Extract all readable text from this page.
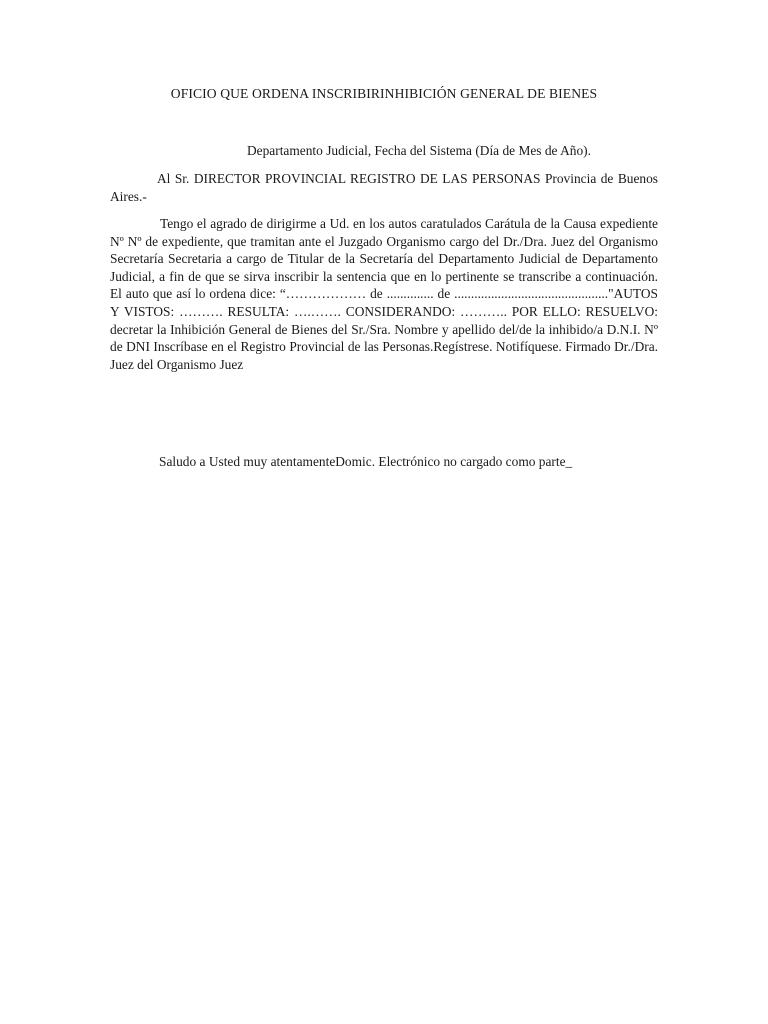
OFICIO QUE ORDENA INSCRIBIRINHIBICIÓN GENERAL DE BIENES

Departamento Judicial, Fecha del Sistema (Día de Mes de Año).

Al Sr. DIRECTOR PROVINCIAL REGISTRO DE LAS PERSONAS Provincia de Buenos Aires.-

Tengo el agrado de dirigirme a Ud. en los autos caratulados Carátula de la Causa expediente Nº Nº de expediente, que tramitan ante el Juzgado Organismo cargo del Dr./Dra. Juez del Organismo Secretaría Secretaria a cargo de Titular de la Secretaría del Departamento Judicial de Departamento Judicial, a fin de que se sirva inscribir la sentencia que en lo pertinente se transcribe a continuación. El auto que así lo ordena dice: “……………… de .............. de .............................................."AUTOS Y VISTOS: ………. RESULTA: ….……. CONSIDERANDO: ……….. POR ELLO: RESUELVO: decretar la Inhibición General de Bienes del Sr./Sra. Nombre y apellido del/de la inhibido/a D.N.I. Nº de DNI Inscríbase en el Registro Provincial de las Personas.Regístrese. Notifíquese. Firmado Dr./Dra. Juez del Organismo Juez

Saludo a Usted muy atentamenteDomic. Electrónico no cargado como parte_
